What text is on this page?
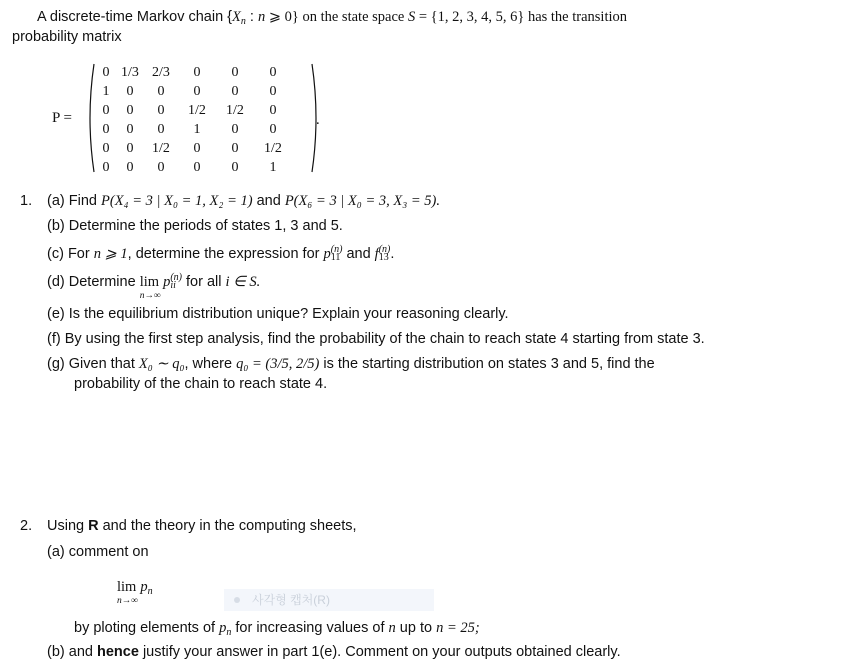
A discrete-time Markov chain {$X_n$ : n ⩾ 0} on the state space S = {1, 2, 3, 4, 5, 6} has the transition
probability matrix
P =
0 1/3 2/3	0	0	0
1	0	0	0	0	0
0	0	0	1/2	1/2	0
0	0	0	1	0	0
0	0	1/2	0	0	1/2
0	0	0	0	0	1
.
1. (a) Find P(X₄ = 3 | X₀ = 1, X₂ = 1) and P(X₆ = 3 | X₀ = 3, X₃ = 5).
(b) Determine the periods of states 1, 3 and 5.
(c) For n ⩾ 1, determine the expression for p (n)
11 and f (n)
13 .
(d) Determine lim
n→∞
p (n)
ii for all i ∈ S.
(e) Is the equilibrium distribution unique? Explain your reasoning clearly.
(f) By using the first step analysis, find the probability of the chain to reach state 4 starting from state 3.
(g) Given that X₀ ∼ q₀, where q₀ = (3/5, 2/5) is the starting distribution on states 3 and 5, find the
probability of the chain to reach state 4.
2. Using R and the theory in the computing sheets,
(a) comment on
lim
n→∞
$p_n$
사각형 캡처(R)
by ploting elements of $p_n$ for increasing values of n up to n = 25;
(b) and hence justify your answer in part 1(e). Comment on your outputs obtained clearly.
